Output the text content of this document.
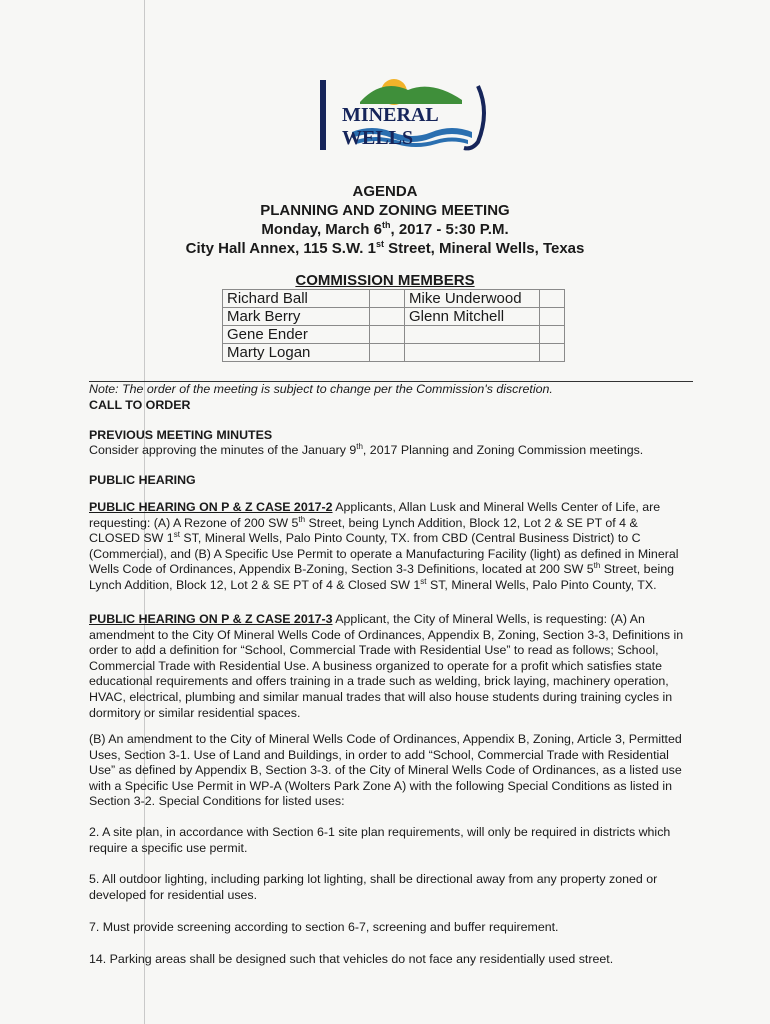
MINERAL WELLS
AGENDA
PLANNING AND ZONING MEETING
Monday, March 6th, 2017 - 5:30 P.M.
City Hall Annex, 115 S.W. 1st Street, Mineral Wells, Texas
COMMISSION MEMBERS
Richard Ball		Mike Underwood	
Mark Berry		Glenn Mitchell	
Gene Ender			
Marty Logan			
Note: The order of the meeting is subject to change per the Commission's discretion.
CALL TO ORDER
PREVIOUS MEETING MINUTES
Consider approving the minutes of the January 9th, 2017 Planning and Zoning Commission meetings.
PUBLIC HEARING
PUBLIC HEARING ON P & Z CASE 2017-2 Applicants, Allan Lusk and Mineral Wells Center of Life, are requesting: (A) A Rezone of 200 SW 5th Street, being Lynch Addition, Block 12, Lot 2 & SE PT of 4 & CLOSED SW 1st ST, Mineral Wells, Palo Pinto County, TX. from CBD (Central Business District) to C (Commercial), and (B) A Specific Use Permit to operate a Manufacturing Facility (light) as defined in Mineral Wells Code of Ordinances, Appendix B-Zoning, Section 3-3 Definitions, located at 200 SW 5th Street, being Lynch Addition, Block 12, Lot 2 & SE PT of 4 & Closed SW 1st ST, Mineral Wells, Palo Pinto County, TX.
PUBLIC HEARING ON P & Z CASE 2017-3 Applicant, the City of Mineral Wells, is requesting: (A) An amendment to the City Of Mineral Wells Code of Ordinances, Appendix B, Zoning, Section 3-3, Definitions in order to add a definition for “School, Commercial Trade with Residential Use” to read as follows; School, Commercial Trade with Residential Use. A business organized to operate for a profit which satisfies state educational requirements and offers training in a trade such as welding, brick laying, machinery operation, HVAC, electrical, plumbing and similar manual trades that will also house students during training cycles in dormitory or similar residential spaces.
(B) An amendment to the City of Mineral Wells Code of Ordinances, Appendix B, Zoning, Article 3, Permitted Uses, Section 3-1. Use of Land and Buildings, in order to add “School, Commercial Trade with Residential Use” as defined by Appendix B, Section 3-3. of the City of Mineral Wells Code of Ordinances, as a listed use with a Specific Use Permit in WP-A (Wolters Park Zone A) with the following Special Conditions as listed in Section 3-2. Special Conditions for listed uses:
2. A site plan, in accordance with Section 6-1 site plan requirements, will only be required in districts which require a specific use permit.
5. All outdoor lighting, including parking lot lighting, shall be directional away from any property zoned or developed for residential uses.
7. Must provide screening according to section 6-7, screening and buffer requirement.
14. Parking areas shall be designed such that vehicles do not face any residentially used street.
